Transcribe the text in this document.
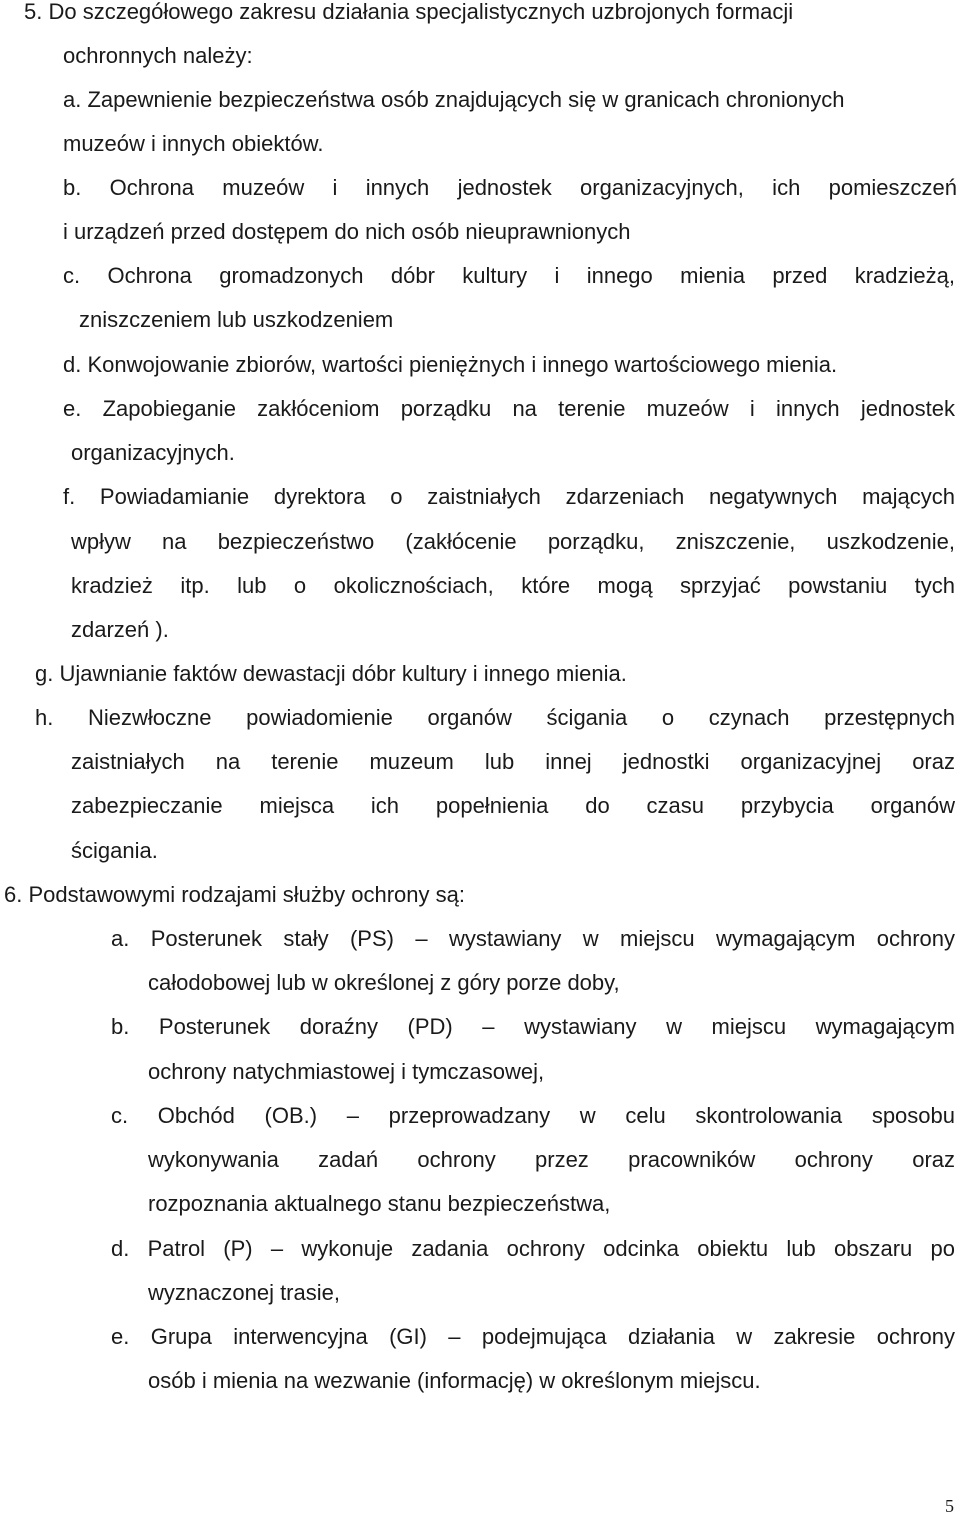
5. Do szczegółowego zakresu działania specjalistycznych uzbrojonych formacji
ochronnych należy:
a. Zapewnienie bezpieczeństwa osób znajdujących się w granicach chronionych
muzeów i innych obiektów.
b. Ochrona muzeów i innych jednostek organizacyjnych, ich pomieszczeń
i urządzeń przed dostępem do nich osób nieuprawnionych
c. Ochrona gromadzonych dóbr kultury i innego mienia przed kradzieżą,
zniszczeniem lub uszkodzeniem
d. Konwojowanie zbiorów, wartości pieniężnych i innego wartościowego mienia.
e. Zapobieganie zakłóceniom porządku na terenie muzeów i innych jednostek
organizacyjnych.
f. Powiadamianie dyrektora o zaistniałych zdarzeniach negatywnych mających
wpływ na bezpieczeństwo (zakłócenie porządku, zniszczenie, uszkodzenie,
kradzież itp. lub o okolicznościach, które mogą sprzyjać powstaniu tych
zdarzeń ).
g. Ujawnianie faktów dewastacji dóbr kultury i innego mienia.
h. Niezwłoczne powiadomienie organów ścigania o czynach przestępnych
zaistniałych na terenie muzeum lub innej jednostki organizacyjnej oraz
zabezpieczanie miejsca ich popełnienia do czasu przybycia organów
ścigania.
6. Podstawowymi rodzajami służby ochrony są:
a. Posterunek stały (PS) – wystawiany w miejscu wymagającym ochrony
całodobowej lub w określonej z góry porze doby,
b. Posterunek doraźny (PD) – wystawiany w miejscu wymagającym
ochrony natychmiastowej i tymczasowej,
c. Obchód (OB.) – przeprowadzany w celu skontrolowania sposobu
wykonywania zadań ochrony przez pracowników ochrony oraz
rozpoznania aktualnego stanu bezpieczeństwa,
d. Patrol (P) – wykonuje zadania ochrony odcinka obiektu lub obszaru po
wyznaczonej trasie,
e. Grupa interwencyjna (GI) – podejmująca działania w zakresie ochrony
osób i mienia na wezwanie (informację) w określonym miejscu.
5
